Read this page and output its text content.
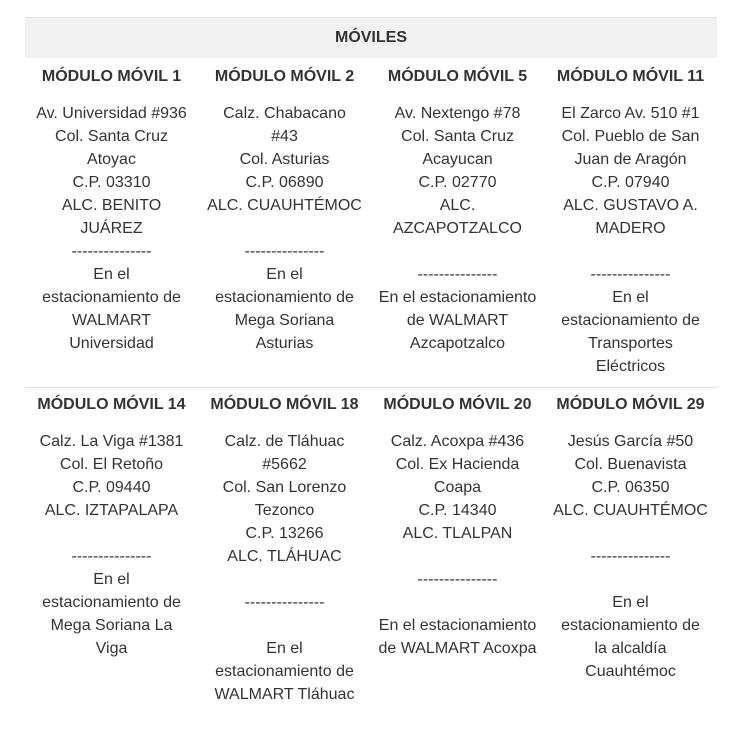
MÓVILES
MÓDULO MÓVIL 1
Av. Universidad #936
Col. Santa Cruz
Atoyac
C.P. 03310
ALC. BENITO
JUÁREZ
---------------
En el
estacionamiento de
WALMART
Universidad
MÓDULO MÓVIL 2
Calz. Chabacano
#43
Col. Asturias
C.P. 06890
ALC. CUAUHTÉMOC

---------------
En el
estacionamiento de
Mega Soriana
Asturias
MÓDULO MÓVIL 5
Av. Nextengo #78
Col. Santa Cruz
Acayucan
C.P. 02770
ALC.
AZCAPOTZALCO

---------------
En el estacionamiento
de WALMART
Azcapotzalco
MÓDULO MÓVIL 11
El Zarco Av. 510 #1
Col. Pueblo de San
Juan de Aragón
C.P. 07940
ALC. GUSTAVO A.
MADERO

---------------
En el
estacionamiento de
Transportes
Eléctricos
MÓDULO MÓVIL 14
Calz. La Viga #1381
Col. El Retoño
C.P. 09440
ALC. IZTAPALAPA

---------------
En el
estacionamiento de
Mega Soriana La
Viga
MÓDULO MÓVIL 18
Calz. de Tláhuac
#5662
Col. San Lorenzo
Tezonco
C.P. 13266
ALC. TLÁHUAC

---------------

En el
estacionamiento de
WALMART Tláhuac
MÓDULO MÓVIL 20
Calz. Acoxpa #436
Col. Ex Hacienda
Coapa
C.P. 14340
ALC. TLALPAN

---------------

En el estacionamiento
de WALMART Acoxpa
MÓDULO MÓVIL 29
Jesús García #50
Col. Buenavista
C.P. 06350
ALC. CUAUHTÉMOC

---------------

En el
estacionamiento de
la alcaldía
Cuauhtémoc
